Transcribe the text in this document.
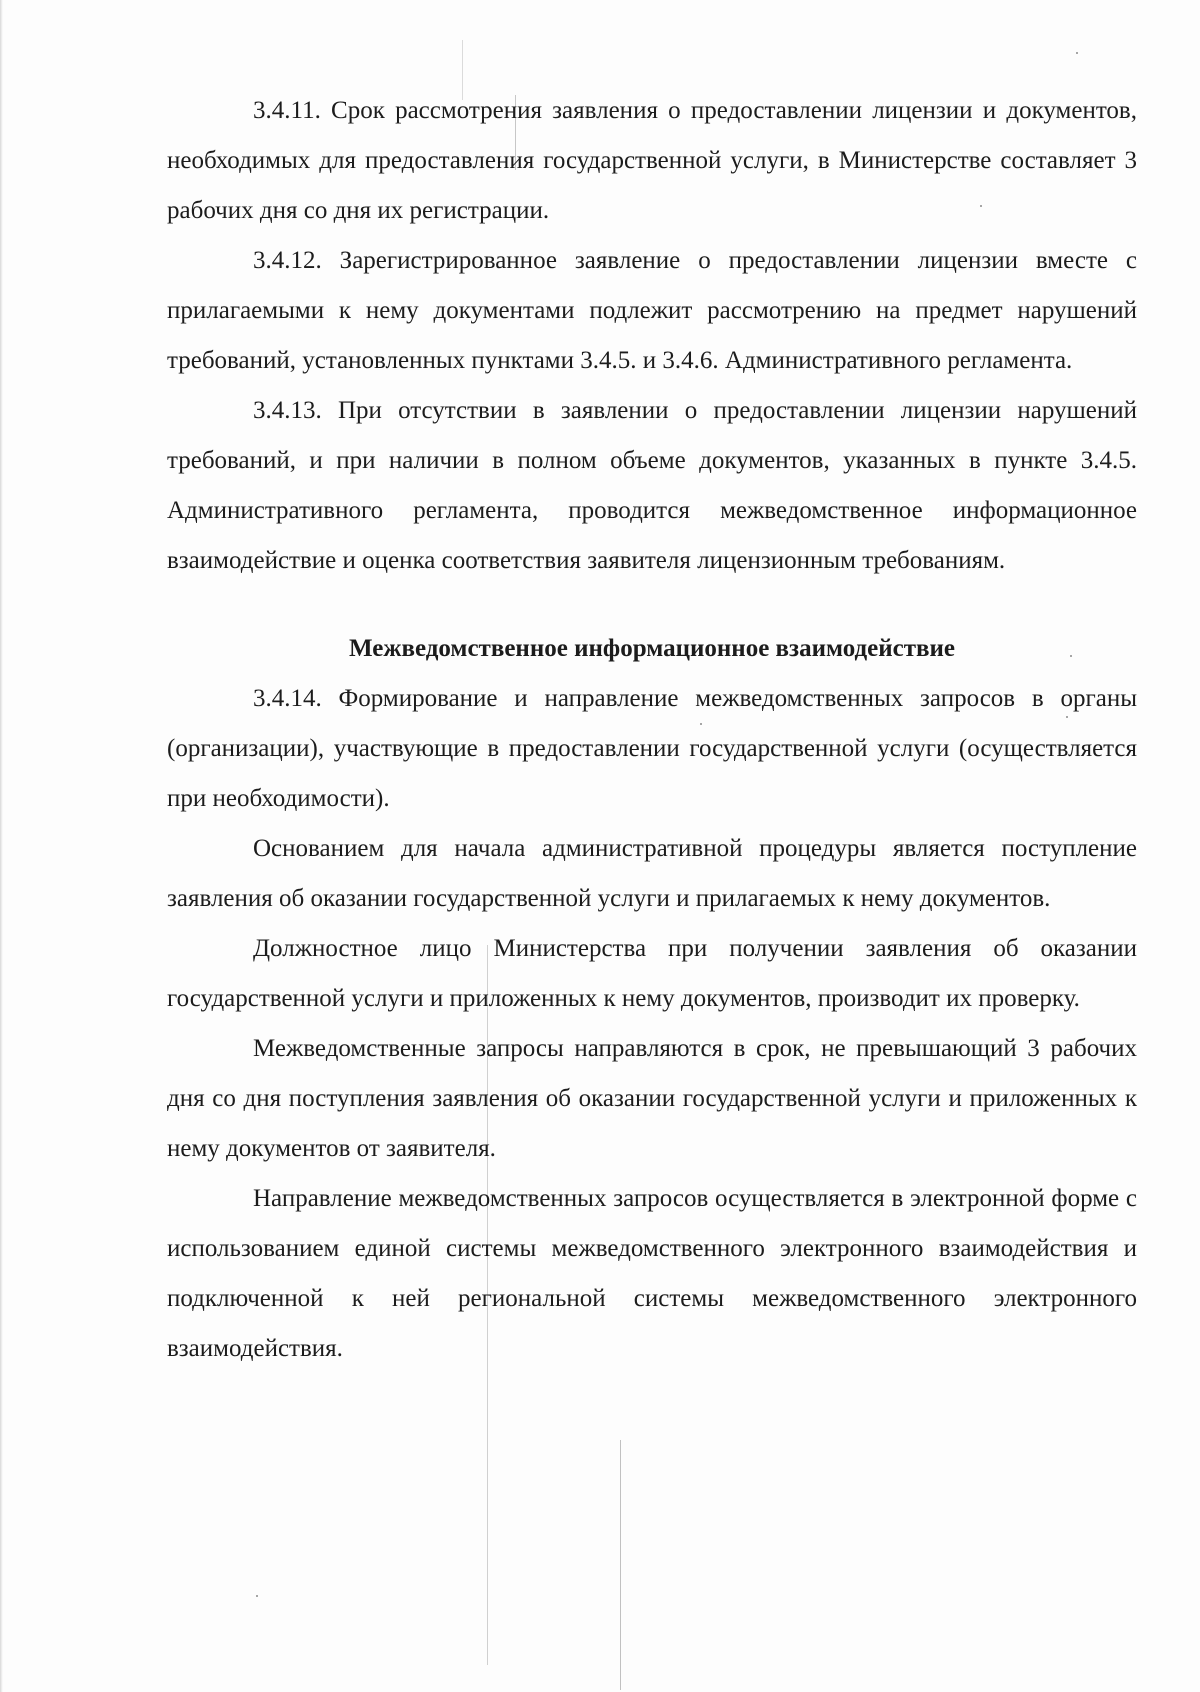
3.4.11. Срок рассмотрения заявления о предоставлении лицензии и документов, необходимых для предоставления государственной услуги, в Министерстве составляет 3 рабочих дня со дня их регистрации.

3.4.12. Зарегистрированное заявление о предоставлении лицензии вместе с прилагаемыми к нему документами подлежит рассмотрению на предмет нарушений требований, установленных пунктами 3.4.5. и 3.4.6. Административного регламента.

3.4.13. При отсутствии в заявлении о предоставлении лицензии нарушений требований, и при наличии в полном объеме документов, указанных в пункте 3.4.5. Административного регламента, проводится межведомственное информационное взаимодействие и оценка соответствия заявителя лицензионным требованиям.

Межведомственное информационное взаимодействие

3.4.14. Формирование и направление межведомственных запросов в органы (организации), участвующие в предоставлении государственной услуги (осуществляется при необходимости).

Основанием для начала административной процедуры является поступление заявления об оказании государственной услуги и прилагаемых к нему документов.

Должностное лицо Министерства при получении заявления об оказании государственной услуги и приложенных к нему документов, производит их проверку.

Межведомственные запросы направляются в срок, не превышающий 3 рабочих дня со дня поступления заявления об оказании государственной услуги и приложенных к нему документов от заявителя.

Направление межведомственных запросов осуществляется в электронной форме с использованием единой системы межведомственного электронного взаимодействия и подключенной к ней региональной системы межведомственного электронного взаимодействия.
